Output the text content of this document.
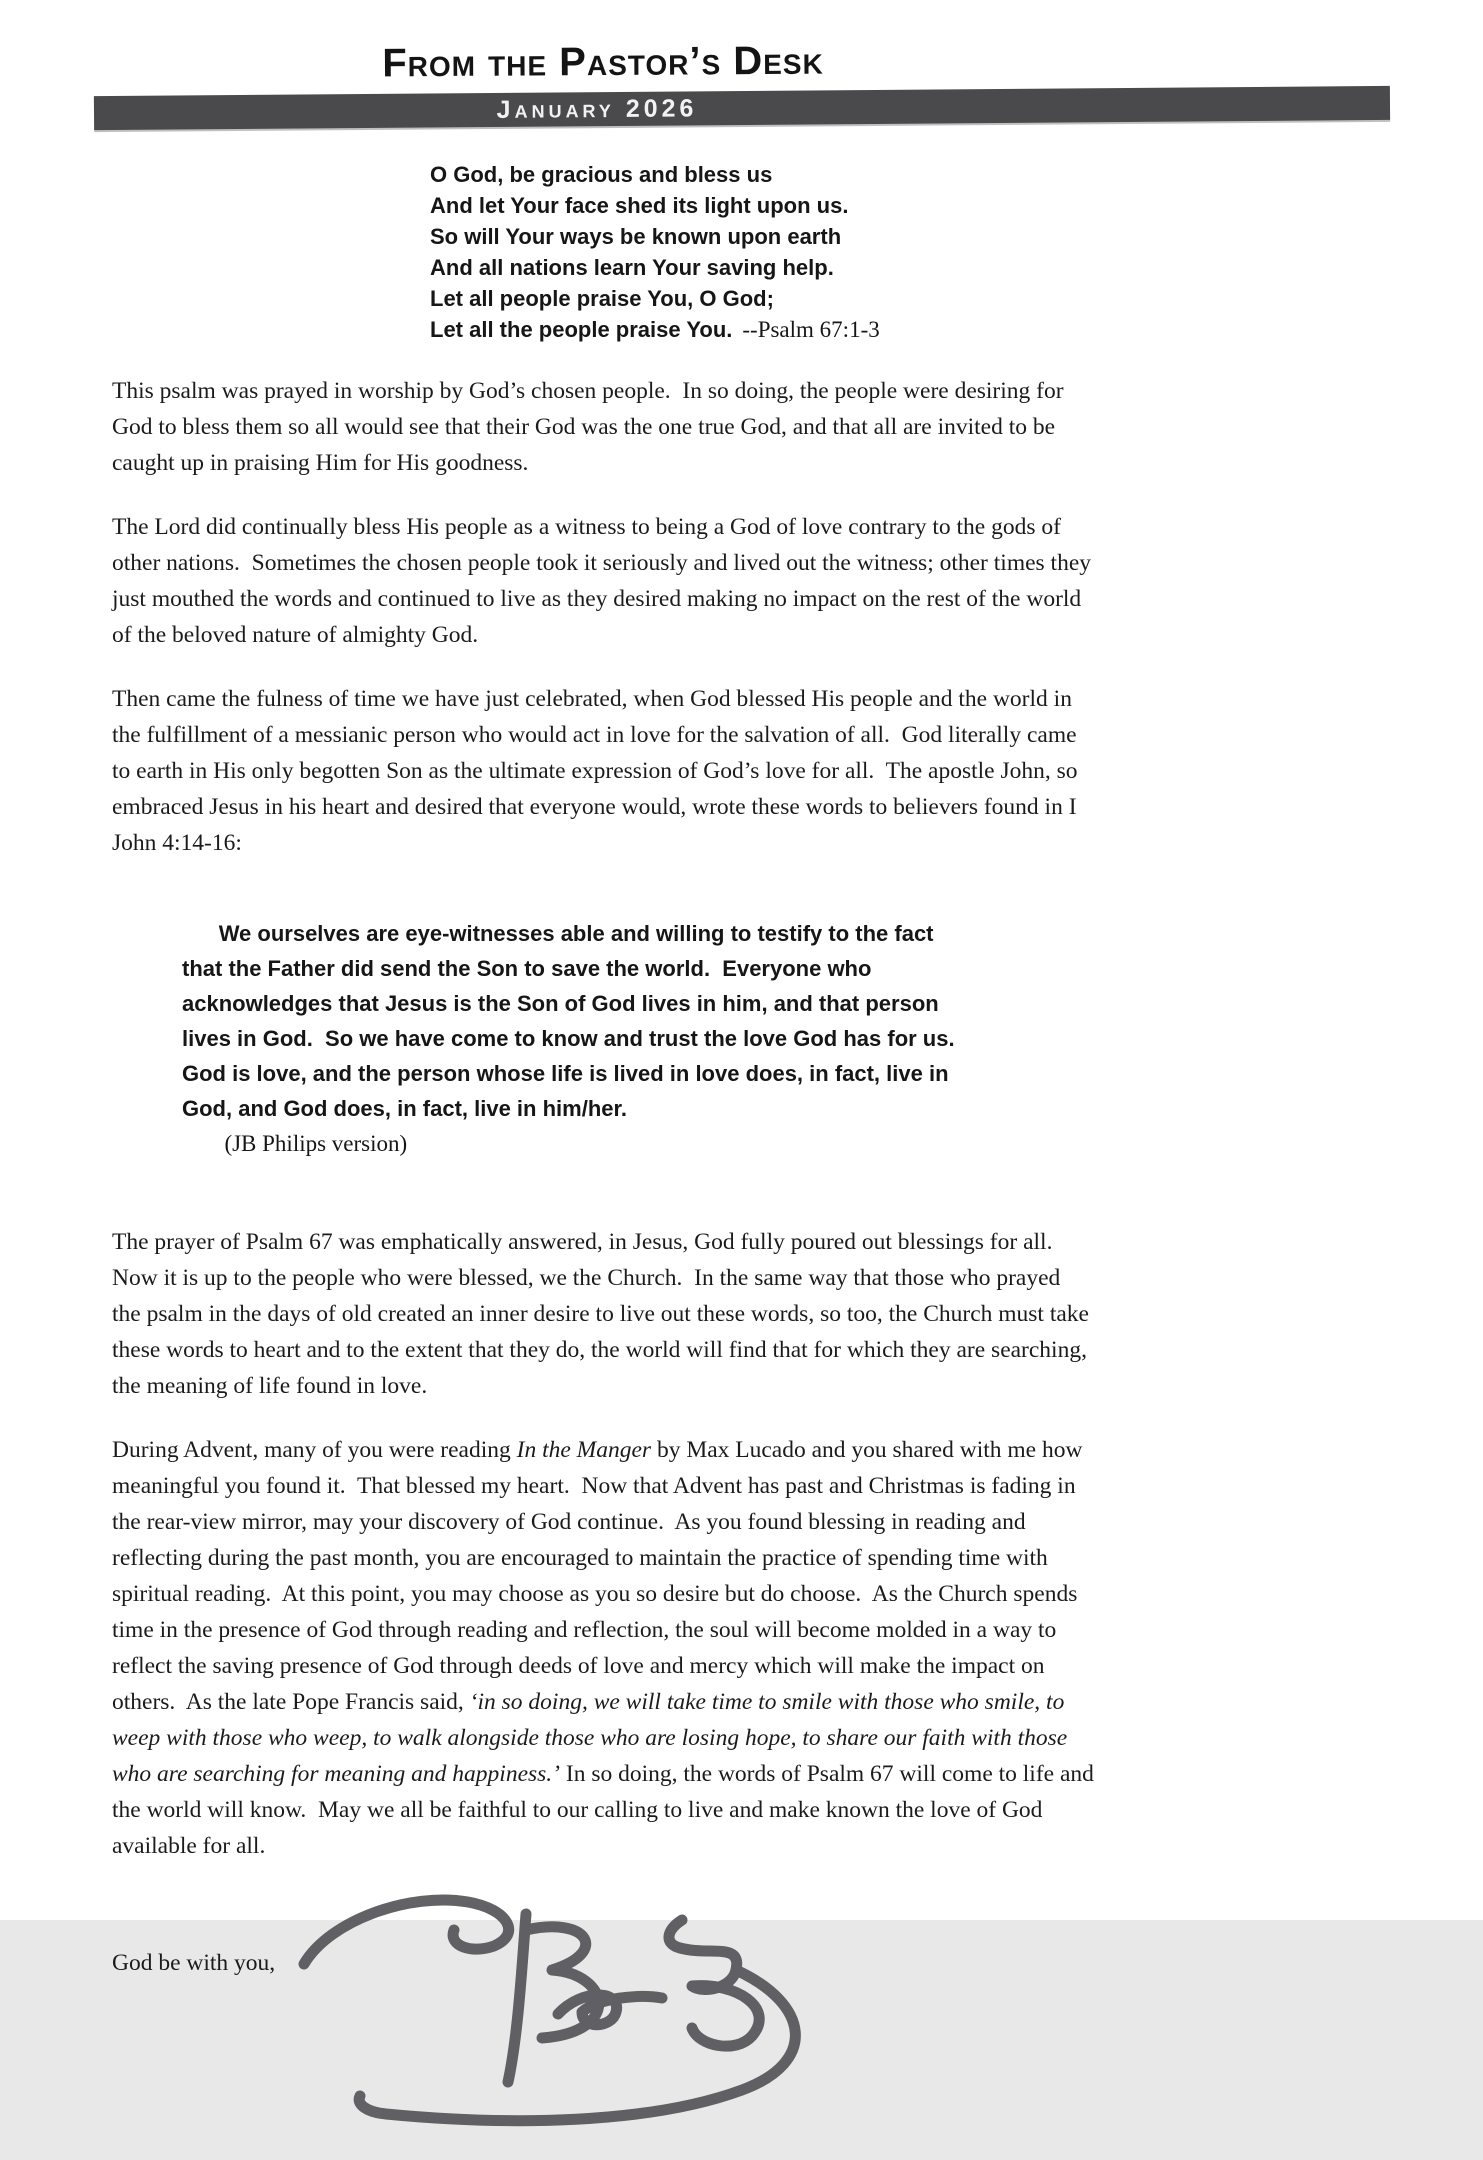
From the Pastor’s Desk
January 2026
O God, be gracious and bless us
And let Your face shed its light upon us.
So will Your ways be known upon earth
And all nations learn Your saving help.
Let all people praise You, O God;
Let all the people praise You. --Psalm 67:1-3
This psalm was prayed in worship by God’s chosen people.  In so doing, the people were desiring for God to bless them so all would see that their God was the one true God, and that all are invited to be caught up in praising Him for His goodness.
The Lord did continually bless His people as a witness to being a God of love contrary to the gods of other nations.  Sometimes the chosen people took it seriously and lived out the witness; other times they just mouthed the words and continued to live as they desired making no impact on the rest of the world of the beloved nature of almighty God.
Then came the fulness of time we have just celebrated, when God blessed His people and the world in the fulfillment of a messianic person who would act in love for the salvation of all.  God literally came to earth in His only begotten Son as the ultimate expression of God’s love for all.  The apostle John, so embraced Jesus in his heart and desired that everyone would, wrote these words to believers found in I John 4:14-16:

We ourselves are eye-witnesses able and willing to testify to the fact that the Father did send the Son to save the world.  Everyone who acknowledges that Jesus is the Son of God lives in him, and that person lives in God.  So we have come to know and trust the love God has for us.  God is love, and the person whose life is lived in love does, in fact, live in God, and God does, in fact, live in him/her.
(JB Philips version)

The prayer of Psalm 67 was emphatically answered, in Jesus, God fully poured out blessings for all.  Now it is up to the people who were blessed, we the Church.  In the same way that those who prayed the psalm in the days of old created an inner desire to live out these words, so too, the Church must take these words to heart and to the extent that they do, the world will find that for which they are searching, the meaning of life found in love.
During Advent, many of you were reading In the Manger by Max Lucado and you shared with me how meaningful you found it.  That blessed my heart.  Now that Advent has past and Christmas is fading in the rear-view mirror, may your discovery of God continue.  As you found blessing in reading and reflecting during the past month, you are encouraged to maintain the practice of spending time with spiritual reading.  At this point, you may choose as you so desire but do choose.  As the Church spends time in the presence of God through reading and reflection, the soul will become molded in a way to reflect the saving presence of God through deeds of love and mercy which will make the impact on others.  As the late Pope Francis said, ‘in so doing, we will take time to smile with those who smile, to weep with those who weep, to walk alongside those who are losing hope, to share our faith with those who are searching for meaning and happiness.’ In so doing, the words of Psalm 67 will come to life and the world will know.  May we all be faithful to our calling to live and make known the love of God available for all.
God be with you,
